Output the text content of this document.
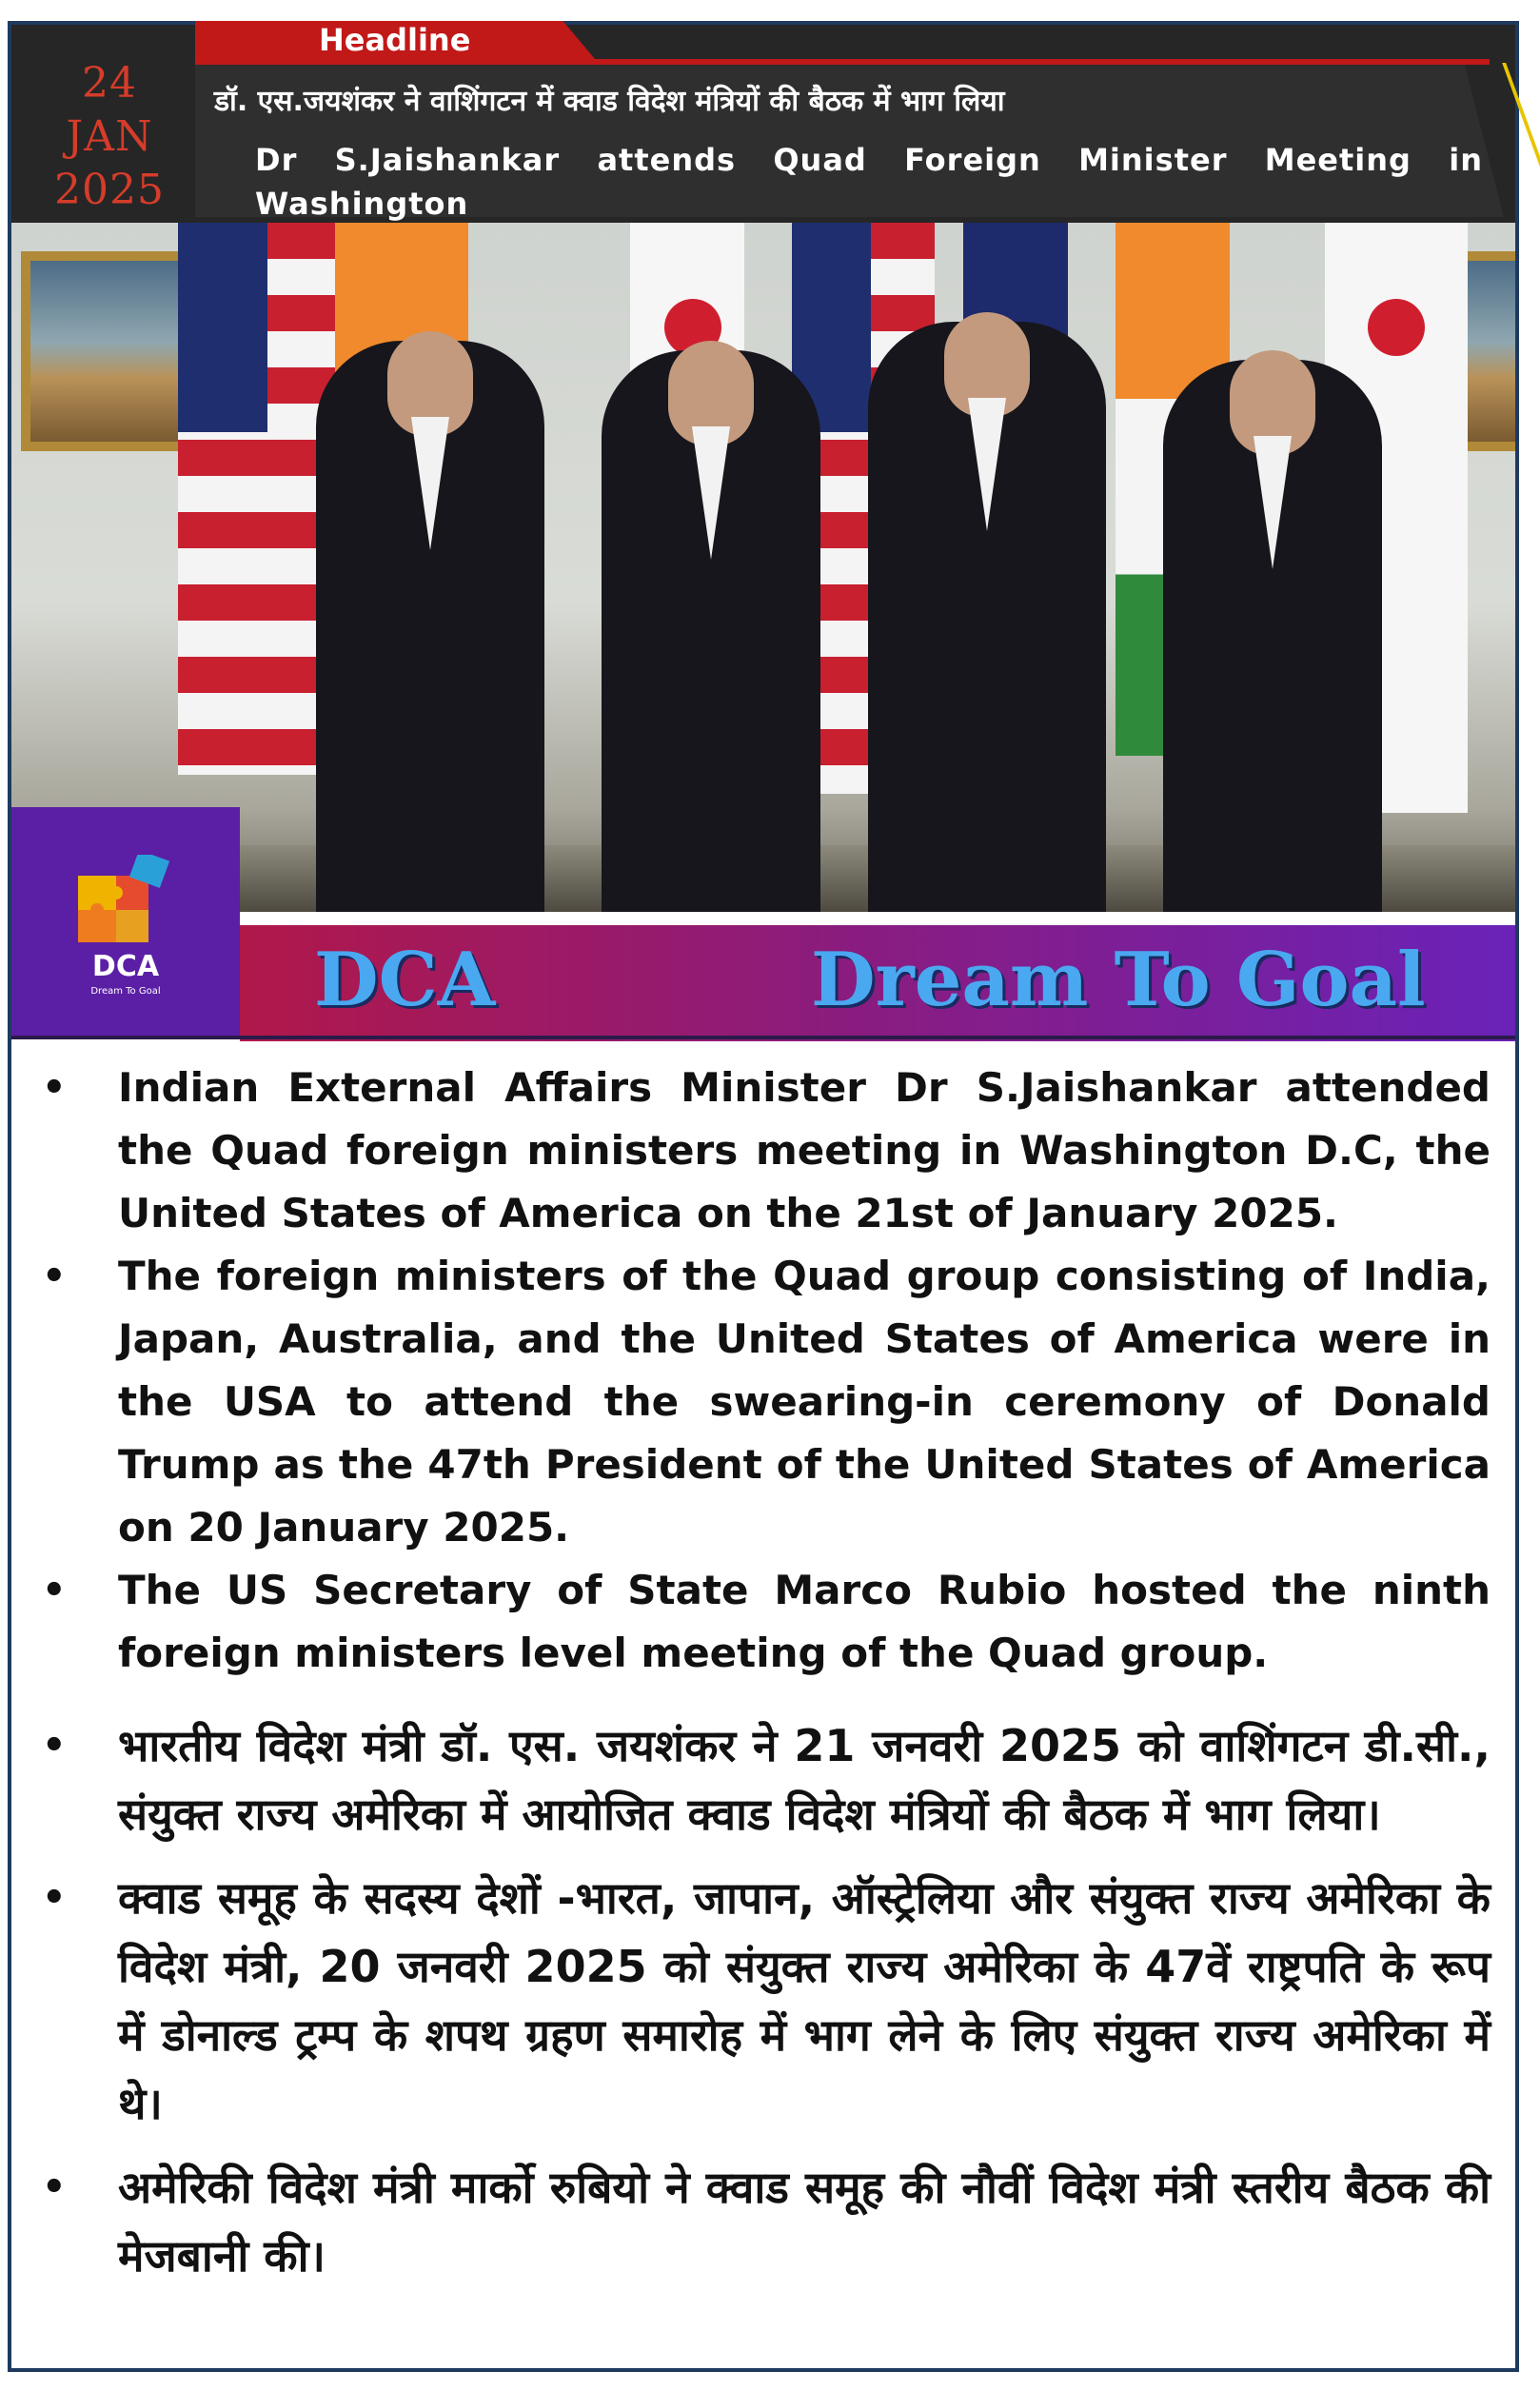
24
JAN
2025
Headline
डॉ. एस.जयशंकर ने वाशिंगटन में क्वाड विदेश मंत्रियों की बैठक में भाग लिया
Dr S.Jaishankar attends Quad Foreign Minister Meeting in
Washington
DCA
Dream To Goal	DCA	Dream To Goal
• Indian External Affairs Minister Dr S.Jaishankar attended the Quad foreign ministers meeting in Washington D.C, the United States of America on the 21st of January 2025.
• The foreign ministers of the Quad group consisting of India, Japan, Australia, and the United States of America were in the USA to attend the swearing-in ceremony of Donald Trump as the 47th President of the United States of America on 20 January 2025.
• The US Secretary of State Marco Rubio hosted the ninth foreign ministers level meeting of the Quad group.
• भारतीय विदेश मंत्री डॉ. एस. जयशंकर ने 21 जनवरी 2025 को वाशिंगटन डी.सी., संयुक्त राज्य अमेरिका में आयोजित क्वाड विदेश मंत्रियों की बैठक में भाग लिया।
• क्वाड समूह के सदस्य देशों -भारत, जापान, ऑस्ट्रेलिया और संयुक्त राज्य अमेरिका के विदेश मंत्री, 20 जनवरी 2025 को संयुक्त राज्य अमेरिका के 47वें राष्ट्रपति के रूप में डोनाल्ड ट्रम्प के शपथ ग्रहण समारोह में भाग लेने के लिए संयुक्त राज्य अमेरिका में थे।
• अमेरिकी विदेश मंत्री मार्को रुबियो ने क्वाड समूह की नौवीं विदेश मंत्री स्तरीय बैठक की मेजबानी की।
